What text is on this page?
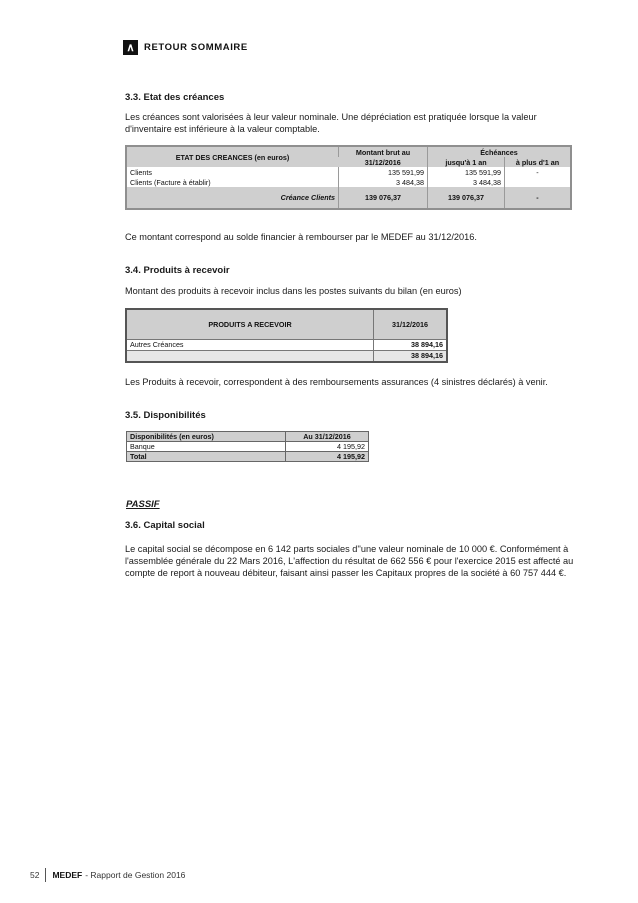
∧ RETOUR SOMMAIRE
3.3. Etat des créances
Les créances sont valorisées à leur valeur nominale. Une dépréciation est pratiquée lorsque la valeur d'inventaire est inférieure à la valeur comptable.
ETAT DES CREANCES (en euros)	Montant brut au	Échéances	
	31/12/2016	jusqu'à 1 an	à plus d'1 an
Clients	135 591,99	135 591,99	-
Clients (Facture à établir)	3 484,38	3 484,38	
Créance Clients	139 076,37	139 076,37	-
Ce montant correspond au solde financier à rembourser par le MEDEF au 31/12/2016.
3.4. Produits à recevoir
Montant des produits à recevoir inclus dans les postes suivants du bilan (en euros)
PRODUITS A RECEVOIR	31/12/2016
Autres Créances	38 894,16
	38 894,16
Les Produits à recevoir, correspondent à des remboursements assurances (4 sinistres déclarés) à venir.
3.5. Disponibilités
Disponibilités (en euros)	Au 31/12/2016
Banque	4 195,92
Total	4 195,92
PASSIF
3.6. Capital social
Le capital social se décompose en 6 142 parts sociales d''une valeur nominale de 10 000 €. Conformément à l'assemblée générale du 22 Mars 2016, L'affection du résultat de 662 556 € pour l'exercice 2015 est affecté au compte de report à nouveau débiteur, faisant ainsi passer les Capitaux propres de la société à 60 757 444 €.
52 MEDEF - Rapport de Gestion 2016
